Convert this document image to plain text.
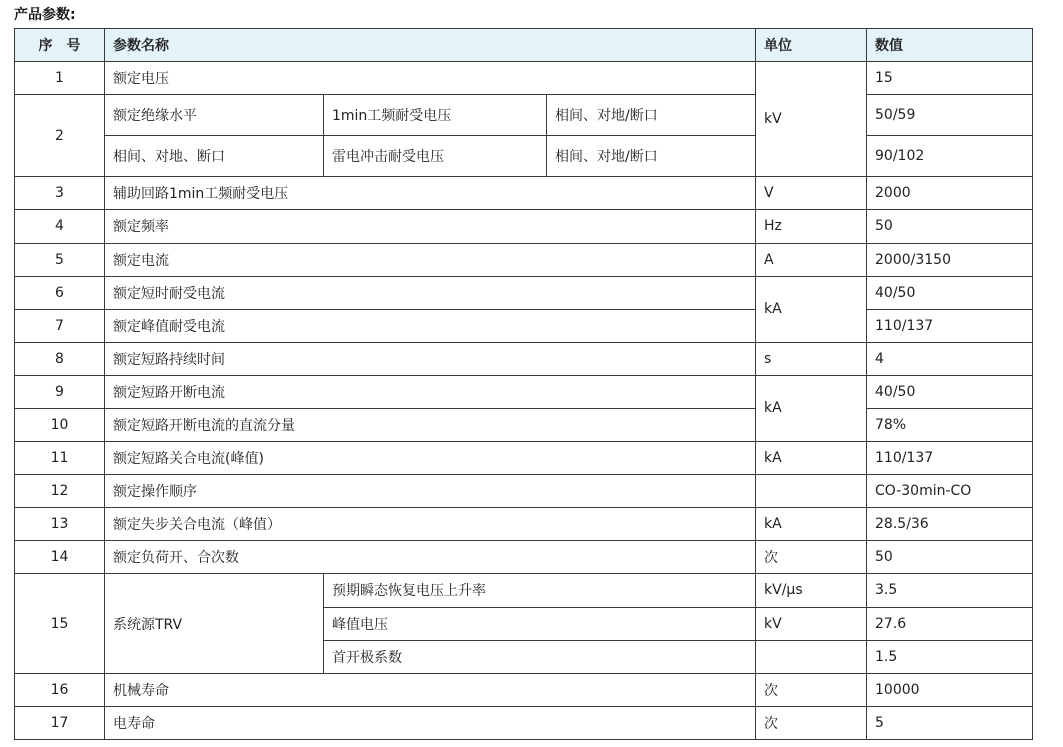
产品参数:
序　号	参数名称			单位	数值
1	额定电压			kV	15
2	额定绝缘水平	1min工频耐受电压	相间、对地/断口		50/59
	相间、对地、断口	雷电冲击耐受电压	相间、对地/断口		90/102
3	辅助回路1min工频耐受电压			V	2000
4	额定频率			Hz	50
5	额定电流			A	2000/3150
6	额定短时耐受电流			kA	40/50
7	额定峰值耐受电流				110/137
8	额定短路持续时间			s	4
9	额定短路开断电流			kA	40/50
10	额定短路开断电流的直流分量				78%
11	额定短路关合电流(峰值)			kA	110/137
12	额定操作顺序				CO-30min-CO
13	额定失步关合电流（峰值）			kA	28.5/36
14	额定负荷开、合次数			次	50
15	系统源TRV	预期瞬态恢复电压上升率		kV/μs	3.5
		峰值电压		kV	27.6
		首开极系数			1.5
16	机械寿命			次	10000
17	电寿命			次	5
